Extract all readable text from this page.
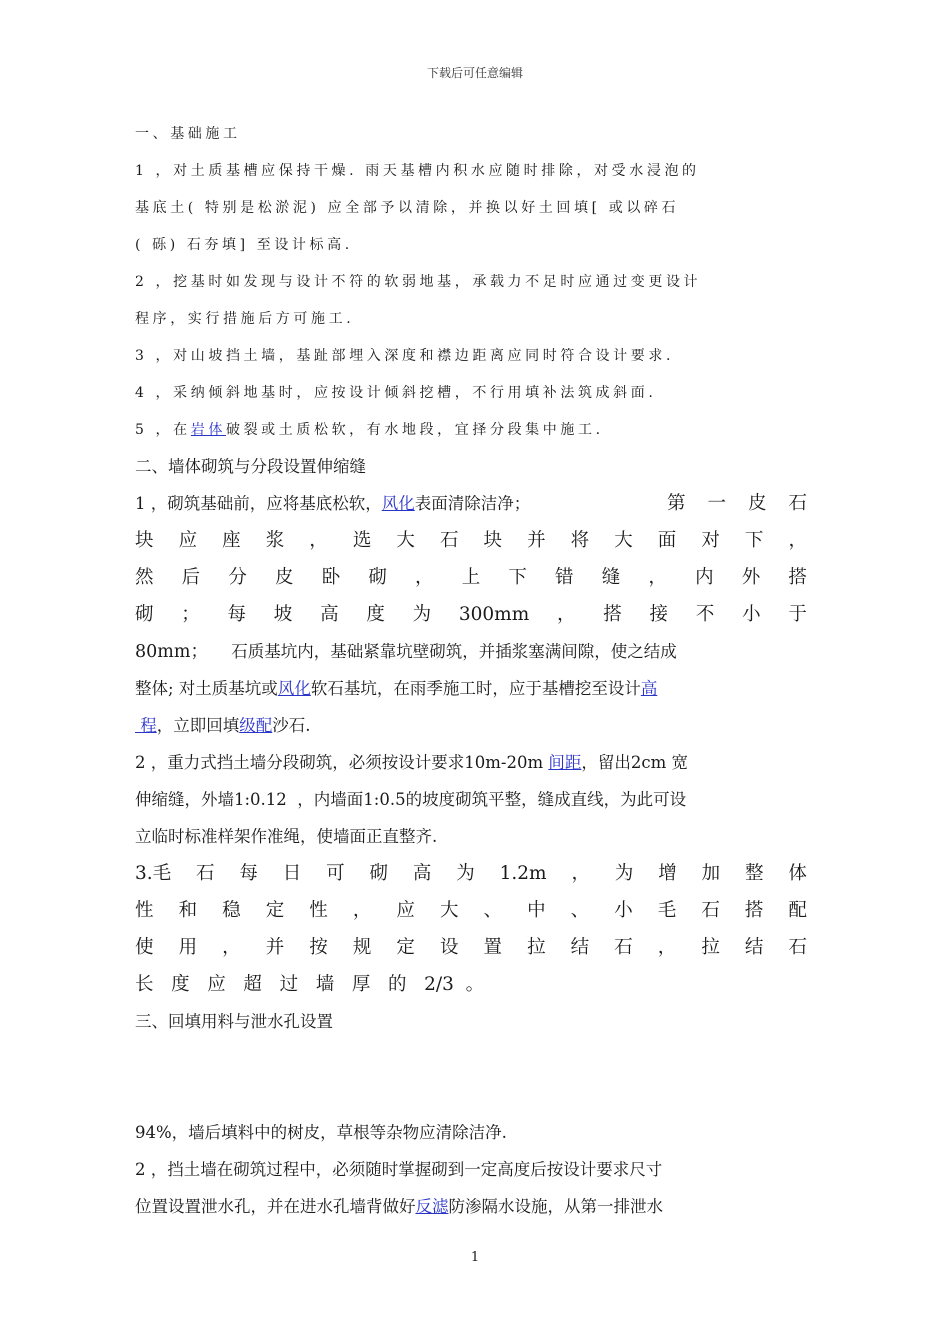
下载后可任意编辑
一、基础施工
1 ，对土质基槽应保持干燥. 雨天基槽内积水应随时排除，对受水浸泡的
基底土( 特别是松淤泥) 应全部予以清除，并换以好土回填[ 或以碎石
( 砾) 石夯填] 至设计标高.
2 ，挖基时如发现与设计不符的软弱地基，承载力不足时应通过变更设计
程序，实行措施后方可施工.
3 ，对山坡挡土墙，基趾部埋入深度和襟边距离应同时符合设计要求.
4 ，采纳倾斜地基时，应按设计倾斜挖槽，不行用填补法筑成斜面.
5 ，在岩体破裂或土质松软，有水地段，宜择分段集中施工.
二、墙体砌筑与分段设置伸缩缝
1 ，砌筑基础前，应将基底松软，风化表面清除洁净；	第 一 皮 石
块 应 座 浆 ， 选 大 石 块 并 将 大 面 对 下 ，
然 后 分 皮 卧 砌 ， 上 下 错 缝 ， 内 外 搭
砌 ； 每 坡 高 度 为 300mm ， 搭 接 不 小 于
80mm； 石质基坑内，基础紧靠坑壁砌筑，并插浆塞满间隙，使之结成
整体; 对土质基坑或风化软石基坑，在雨季施工时，应于基槽挖至设计高
程，立即回填级配沙石.
2 ，重力式挡土墙分段砌筑，必须按设计要求10m-20m 间距，留出2cm 宽
伸缩缝，外墙1:0.12  ，内墙面1:0.5的坡度砌筑平整，缝成直线，为此可设
立临时标准样架作准绳，使墙面正直整齐.
3.毛 石 每 日 可 砌 高 为 1.2m ， 为 增 加 整 体
性 和 稳 定 性 ， 应 大 、 中 、 小 毛 石 搭 配
使 用 ， 并 按 规 定 设 置 拉 结 石 ， 拉 结 石
长   度   应   超   过   墙   厚   的   2/3  。
三、回填用料与泄水孔设置

94%，墙后填料中的树皮，草根等杂物应清除洁净.
2 ，挡土墙在砌筑过程中，必须随时掌握砌到一定高度后按设计要求尺寸
位置设置泄水孔，并在进水孔墙背做好反滤防渗隔水设施，从第一排泄水
1
